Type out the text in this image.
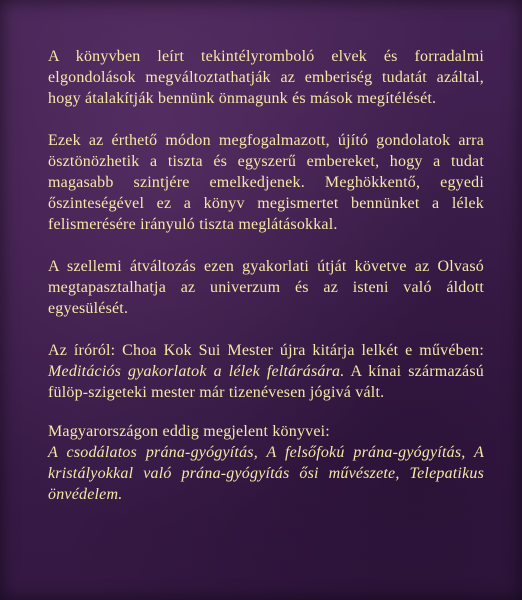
A könyvben leírt tekintélyromboló elvek és forradalmi elgondolások megváltoztathatják az emberiség tudatát azáltal, hogy átalakítják bennünk önmagunk és mások megítélését.

Ezek az érthető módon megfogalmazott, újító gondolatok arra ösztönözhetik a tiszta és egyszerű embereket, hogy a tudat magasabb szintjére emelkedjenek. Meghökkentő, egyedi őszinteségével ez a könyv megismertet bennünket a lélek felismerésére irányuló tiszta meglátásokkal.

A szellemi átváltozás ezen gyakorlati útját követve az Olvasó megtapasztalhatja az univerzum és az isteni való áldott egyesülését.

Az íróról: Choa Kok Sui Mester újra kitárja lelkét e művében: Meditációs gyakorlatok a lélek feltárására. A kínai származású fülöp-szigeteki mester már tizenévesen jógivá vált.

Magyarországon eddig megjelent könyvei:
A csodálatos prána-gyógyítás, A felsőfokú prána-gyógyítás, A kristályokkal való prána-gyógyítás ősi művészete, Telepatikus önvédelem.
